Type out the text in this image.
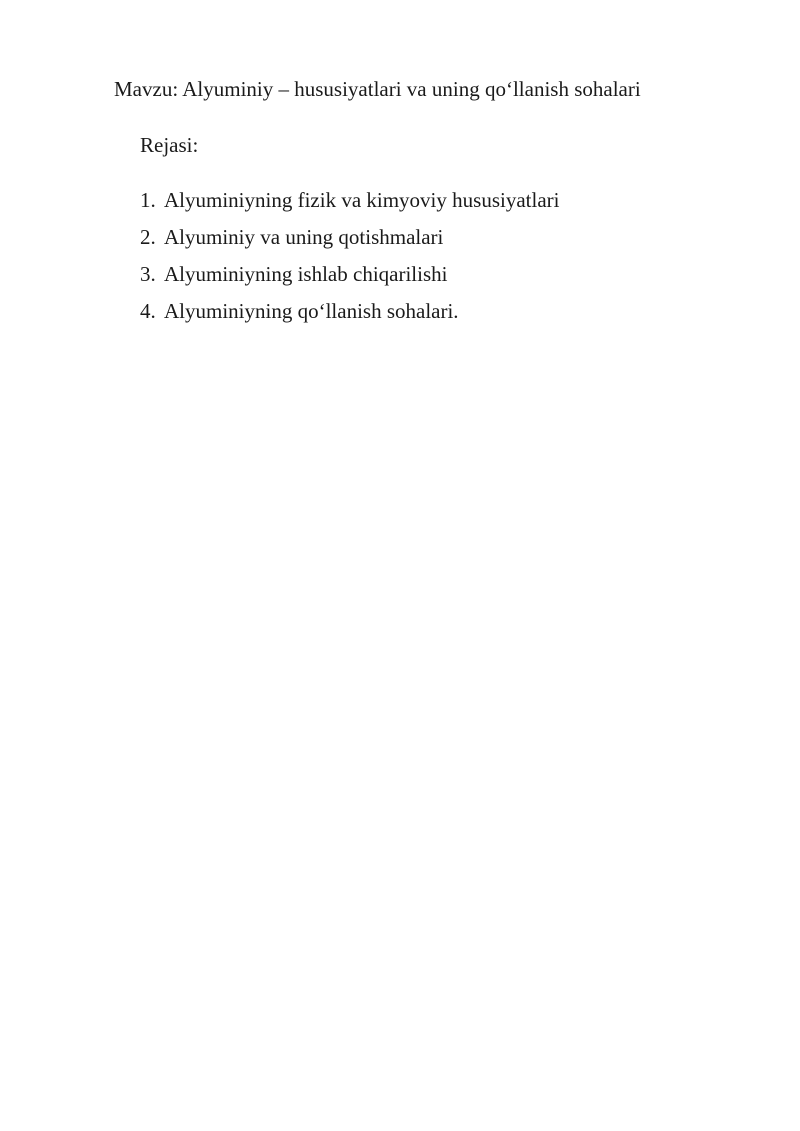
Mavzu: Alyuminiy – hususiyatlari va uning qo‘llanish sohalari
Rejasi:
1. Alyuminiyning fizik va kimyoviy hususiyatlari
2. Alyuminiy va uning qotishmalari
3. Alyuminiyning ishlab chiqarilishi
4. Alyuminiyning qo‘llanish sohalari.
